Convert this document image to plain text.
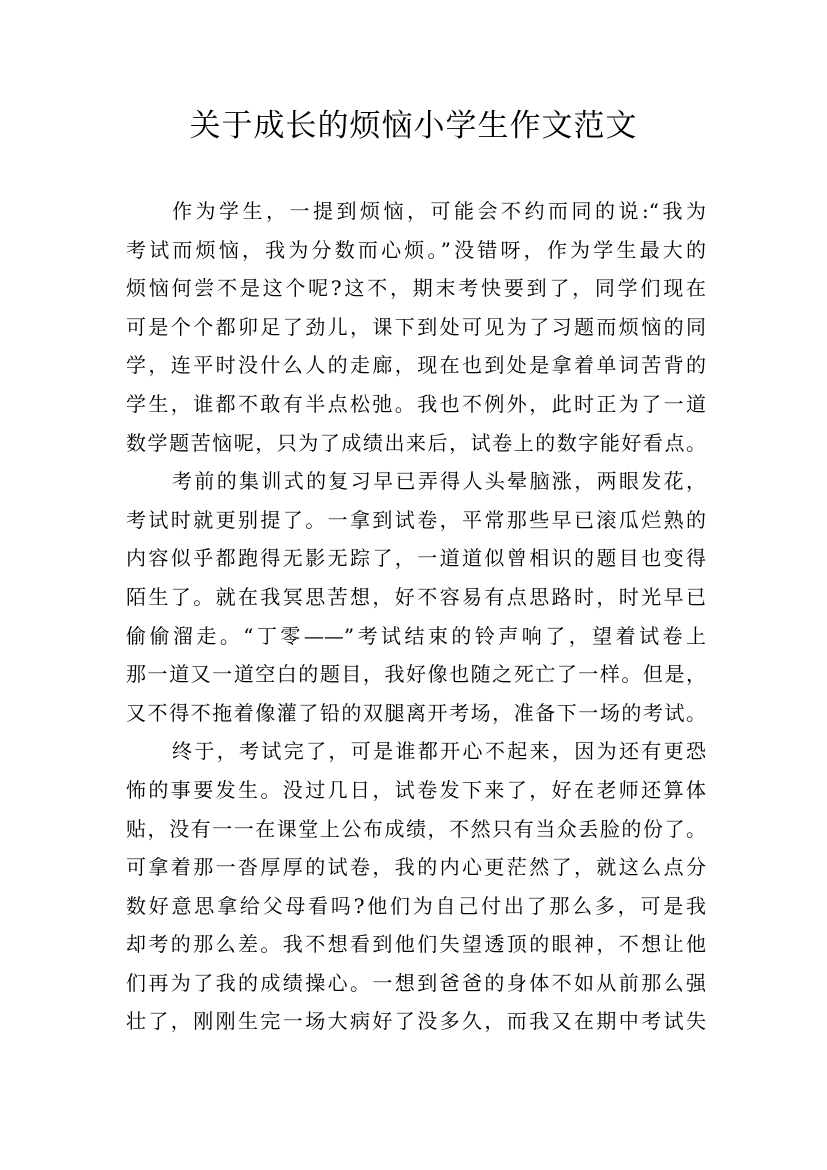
关于成长的烦恼小学生作文范文
作为学生，一提到烦恼，可能会不约而同的说:“我为
考试而烦恼，我为分数而心烦。”没错呀，作为学生最大的
烦恼何尝不是这个呢?这不，期末考快要到了，同学们现在
可是个个都卯足了劲儿，课下到处可见为了习题而烦恼的同
学，连平时没什么人的走廊，现在也到处是拿着单词苦背的
学生，谁都不敢有半点松弛。我也不例外，此时正为了一道
数学题苦恼呢，只为了成绩出来后，试卷上的数字能好看点。
考前的集训式的复习早已弄得人头晕脑涨，两眼发花，
考试时就更别提了。一拿到试卷，平常那些早已滚瓜烂熟的
内容似乎都跑得无影无踪了，一道道似曾相识的题目也变得
陌生了。就在我冥思苦想，好不容易有点思路时，时光早已
偷偷溜走。“丁零——”考试结束的铃声响了，望着试卷上
那一道又一道空白的题目，我好像也随之死亡了一样。但是，
又不得不拖着像灌了铅的双腿离开考场，准备下一场的考试。
终于，考试完了，可是谁都开心不起来，因为还有更恐
怖的事要发生。没过几日，试卷发下来了，好在老师还算体
贴，没有一一在课堂上公布成绩，不然只有当众丢脸的份了。
可拿着那一沓厚厚的试卷，我的内心更茫然了，就这么点分
数好意思拿给父母看吗?他们为自己付出了那么多，可是我
却考的那么差。我不想看到他们失望透顶的眼神，不想让他
们再为了我的成绩操心。一想到爸爸的身体不如从前那么强
壮了，刚刚生完一场大病好了没多久，而我又在期中考试失
